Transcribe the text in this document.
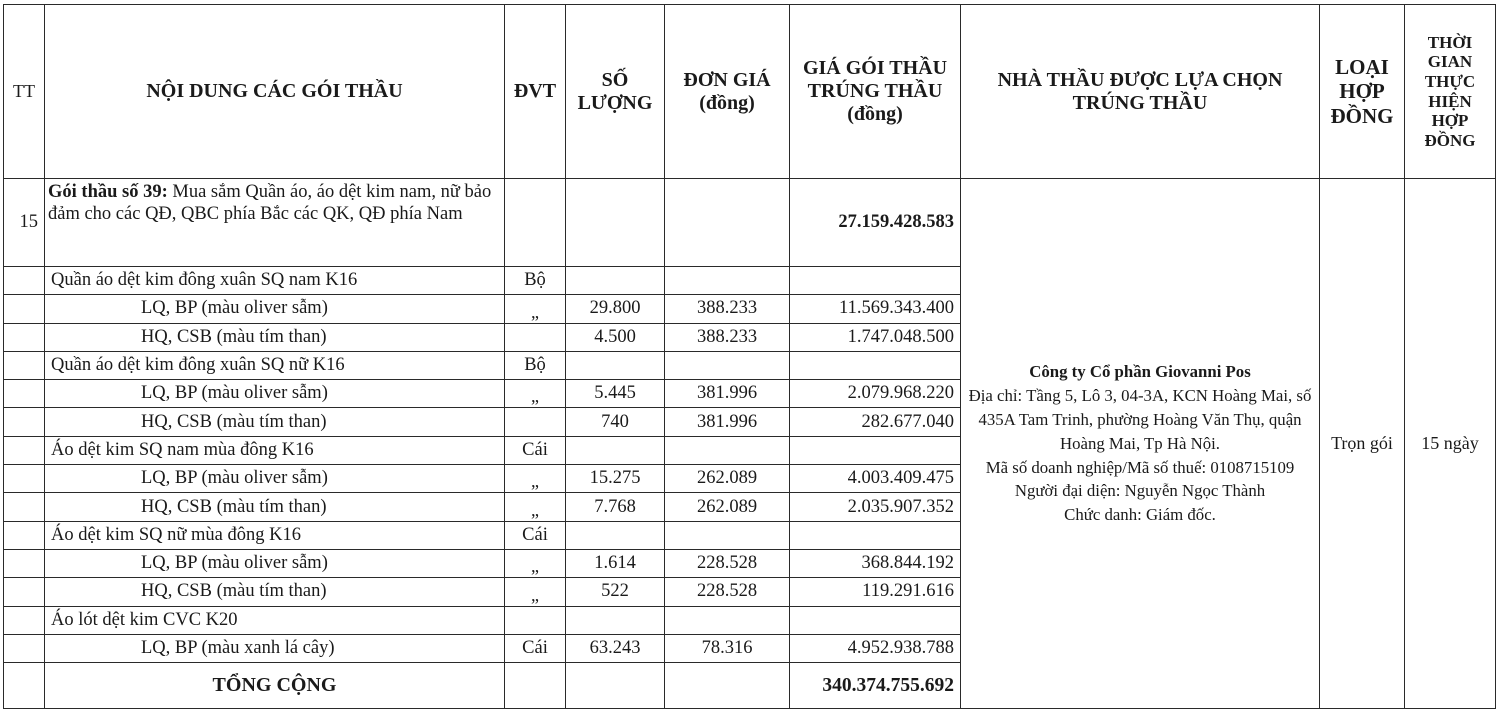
TT	NỘI DUNG CÁC GÓI THẦU	ĐVT	SỐ LƯỢNG	ĐƠN GIÁ (đồng)	GIÁ GÓI THẦU TRÚNG THẦU (đồng)	NHÀ THẦU ĐƯỢC LỰA CHỌN TRÚNG THẦU	LOẠI HỢP ĐỒNG	THỜI GIAN THỰC HIỆN HỢP ĐỒNG
15	Gói thầu số 39: Mua sắm Quần áo, áo dệt kim nam, nữ bảo đảm cho các QĐ, QBC phía Bắc các QK, QĐ phía Nam				27.159.428.583	Công ty Cổ phần Giovanni Pos
Địa chỉ: Tầng 5, Lô 3, 04-3A, KCN Hoàng Mai, số 435A Tam Trinh, phường Hoàng Văn Thụ, quận Hoàng Mai, Tp Hà Nội.
Mã số doanh nghiệp/Mã số thuế: 0108715109
Người đại diện: Nguyễn Ngọc Thành
Chức danh: Giám đốc.	Trọn gói	15 ngày
	Quần áo dệt kim đông xuân SQ nam K16	Bộ						
	LQ, BP (màu oliver sẫm)	„	29.800	388.233	11.569.343.400			
	HQ, CSB (màu tím than)		4.500	388.233	1.747.048.500			
	Quần áo dệt kim đông xuân SQ nữ K16	Bộ						
	LQ, BP (màu oliver sẫm)	„	5.445	381.996	2.079.968.220			
	HQ, CSB (màu tím than)		740	381.996	282.677.040			
	Áo dệt kim SQ nam mùa đông K16	Cái						
	LQ, BP (màu oliver sẫm)	„	15.275	262.089	4.003.409.475			
	HQ, CSB (màu tím than)	„	7.768	262.089	2.035.907.352			
	Áo dệt kim SQ nữ mùa đông K16	Cái						
	LQ, BP (màu oliver sẫm)	„	1.614	228.528	368.844.192			
	HQ, CSB (màu tím than)	„	522	228.528	119.291.616			
	Áo lót dệt kim CVC K20							
	LQ, BP (màu xanh lá cây)	Cái	63.243	78.316	4.952.938.788			
	TỔNG CỘNG				340.374.755.692			
